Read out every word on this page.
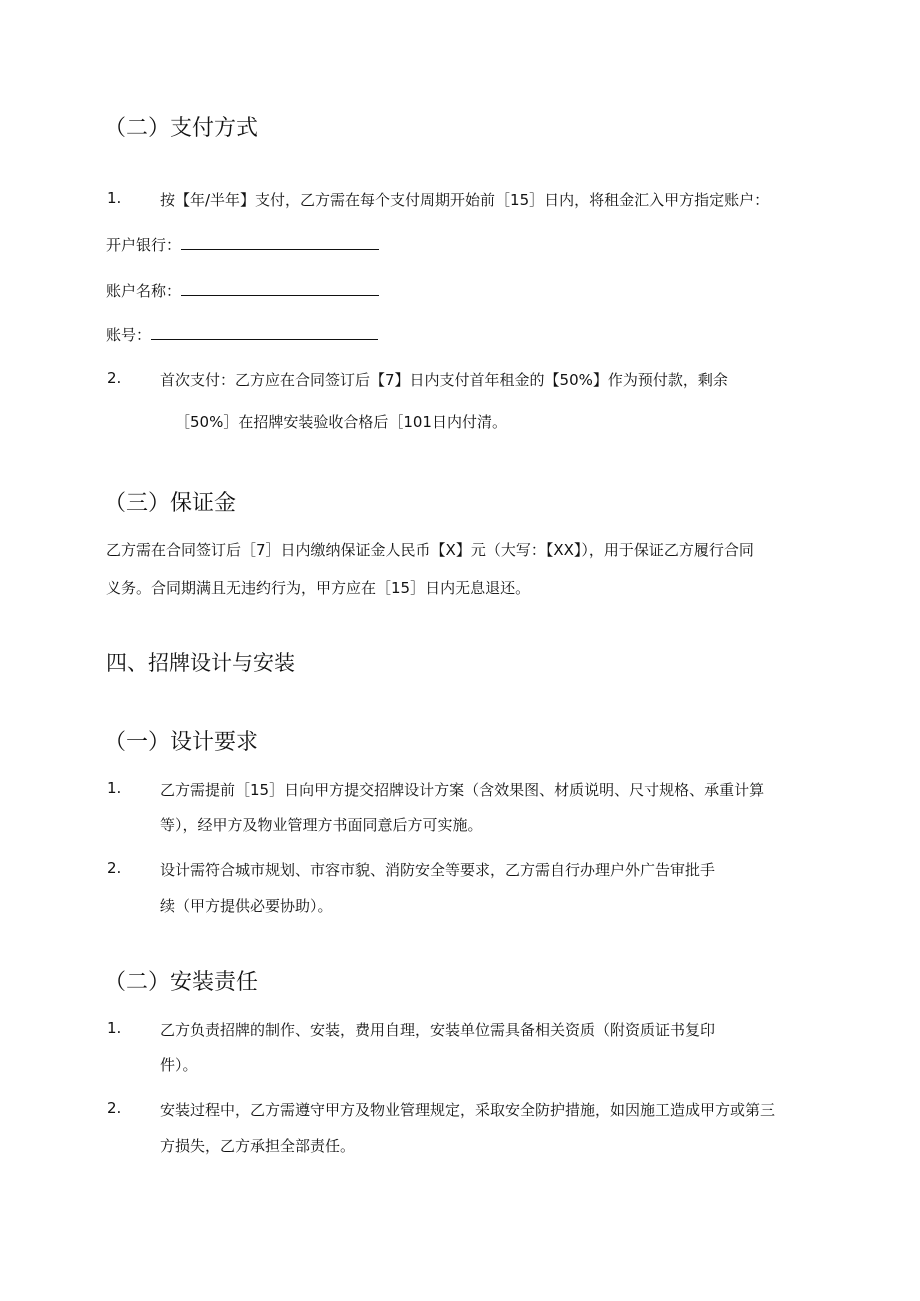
（二）支付方式
1.	按【年/半年】支付，乙方需在每个支付周期开始前［15］日内，将租金汇入甲方指定账户：
开户银行：
账户名称：
账号：
2.	首次支付：乙方应在合同签订后【7】日内支付首年租金的【50%】作为预付款，剩余
［50%］在招牌安装验收合格后［101日内付清。
（三）保证金
乙方需在合同签订后［7］日内缴纳保证金人民币【X】元（大写：【XX】），用于保证乙方履行合同
义务。合同期满且无违约行为，甲方应在［15］日内无息退还。
四、招牌设计与安装
（一）设计要求
1.	乙方需提前［15］日向甲方提交招牌设计方案（含效果图、材质说明、尺寸规格、承重计算
等），经甲方及物业管理方书面同意后方可实施。
2.	设计需符合城市规划、市容市貌、消防安全等要求，乙方需自行办理户外广告审批手
续（甲方提供必要协助）。
（二）安装责任
1.	乙方负责招牌的制作、安装，费用自理，安装单位需具备相关资质（附资质证书复印
件）。
2.	安装过程中，乙方需遵守甲方及物业管理规定，采取安全防护措施，如因施工造成甲方或第三
方损失，乙方承担全部责任。
